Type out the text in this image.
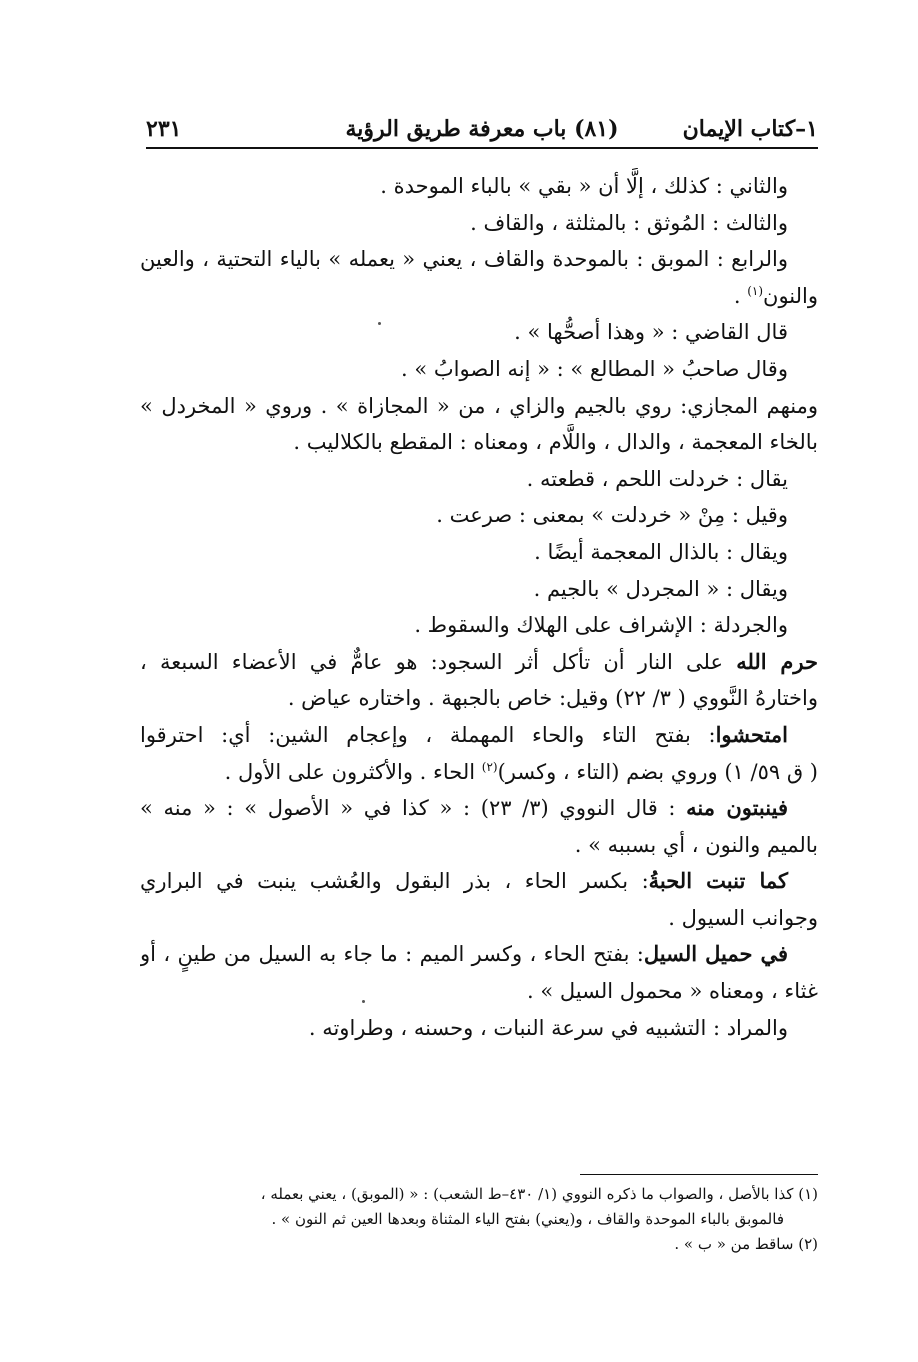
١–كتاب الإيمان
(٨١) باب معرفة طريق الرؤية
٢٣١
والثاني : كذلك ، إلَّا أن « بقي » بالباء الموحدة .
والثالث : المُوثق : بالمثلثة ، والقاف .
والرابع : الموبق : بالموحدة والقاف ، يعني « يعمله » بالياء التحتية ، والعين
والنون$^{(١)}$ .
قال القاضي : « وهذا أصحُّها » .
وقال صاحبُ « المطالع » : « إنه الصوابُ » .
ومنهم المجازي: روي بالجيم والزاي ، من « المجازاة » . وروي « المخردل »
بالخاء المعجمة ، والدال ، واللَّام ، ومعناه : المقطع بالكلاليب .
يقال : خردلت اللحم ، قطعته .
وقيل : مِنْ « خردلت » بمعنى : صرعت .
ويقال : بالذال المعجمة أيضًا .
ويقال : « المجردل » بالجيم .
والجردلة : الإشراف على الهلاك والسقوط .
حرم الله على النار أن تأكل أثر السجود: هو عامٌّ في الأعضاء السبعة ،
واختارهُ النَّووي ( ٣/ ٢٢) وقيل: خاص بالجبهة . واختاره عياض .
امتحشوا: بفتح التاء والحاء المهملة ، وإعجام الشين: أي: احترقوا
( ق ٥٩/ ١) وروي بضم (التاء ، وكسر)$^{(٢)}$ الحاء . والأكثرون على الأول .
فينبتون منه : قال النووي (٣/ ٢٣) : « كذا في « الأصول » : « منه »
بالميم والنون ، أي بسببه » .
كما تنبت الحبةُ: بكسر الحاء ، بذر البقول والعُشب ينبت في البراري
وجوانب السيول .
في حميل السيل: بفتح الحاء ، وكسر الميم : ما جاء به السيل من طينٍ ، أو
غثاء ، ومعناه « محمول السيل » .
والمراد : التشبيه في سرعة النبات ، وحسنه ، وطراوته .
(١) كذا بالأصل ، والصواب ما ذكره النووي (١/ ٤٣٠–ط الشعب) : « (الموبق) ، يعني بعمله ،
فالموبق بالباء الموحدة والقاف ، و(يعني) بفتح الياء المثناة وبعدها العين ثم النون » .
(٢) ساقط من « ب » .
